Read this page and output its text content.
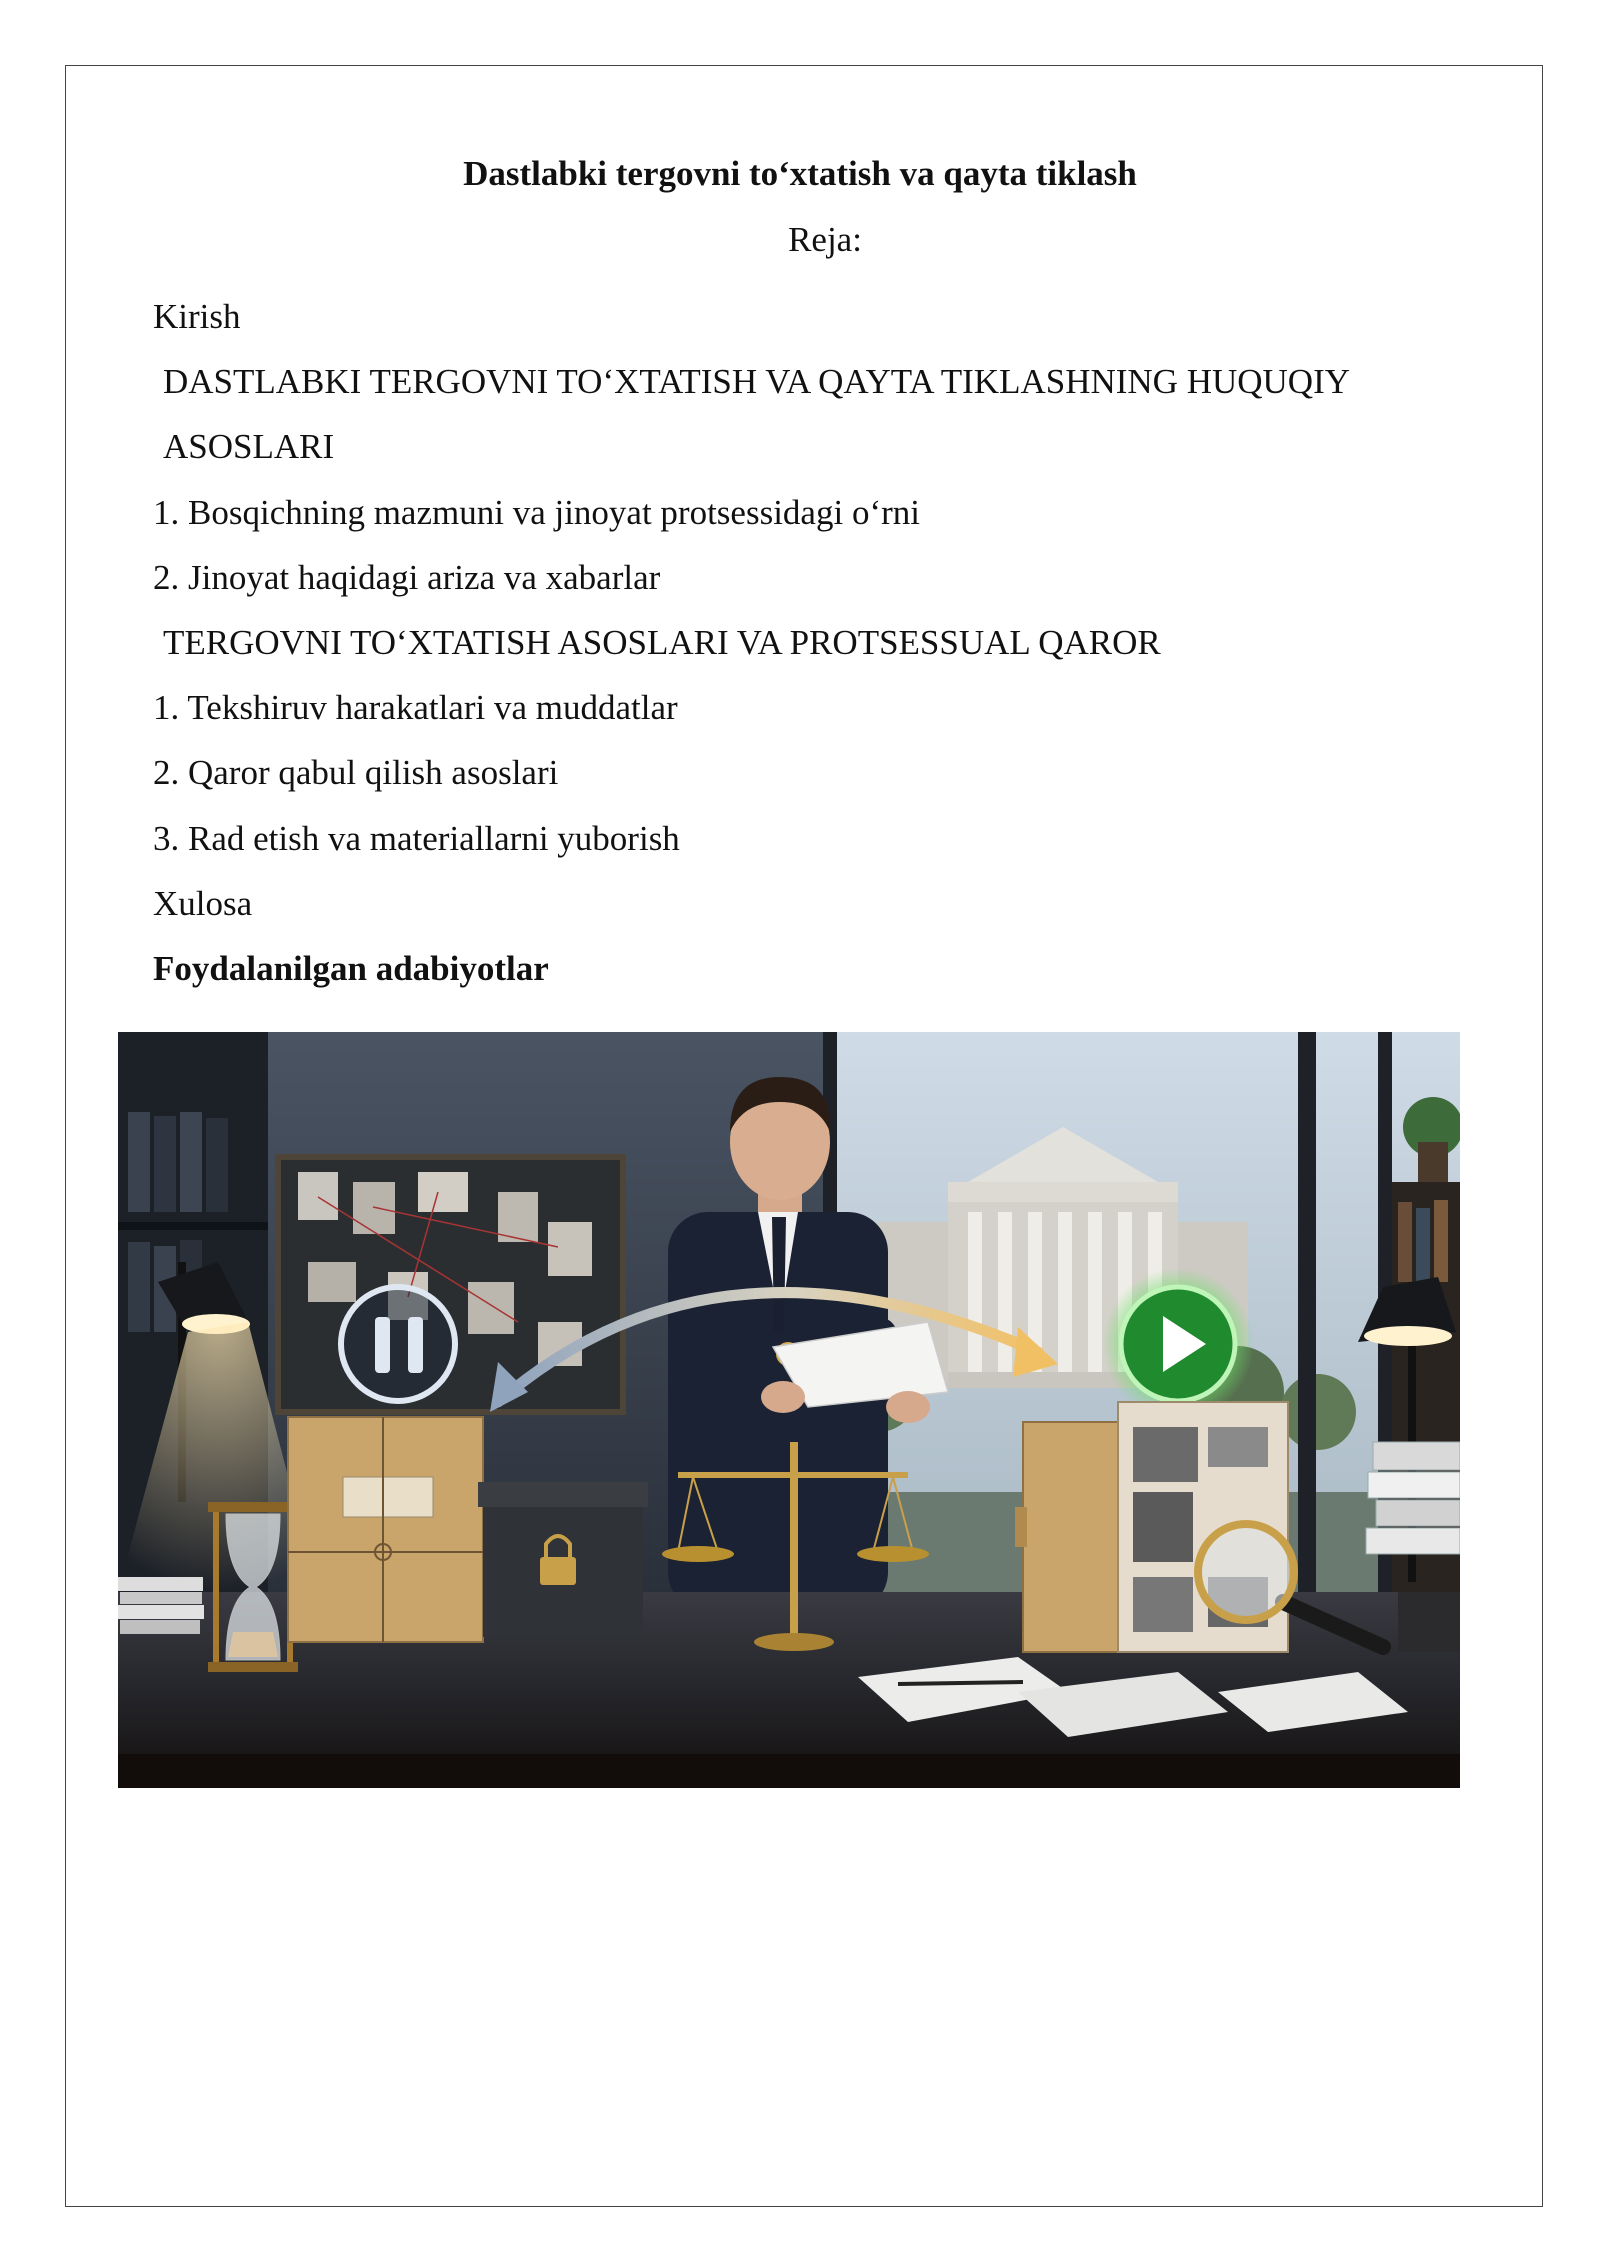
Dastlabki tergovni to‘xtatish va qayta tiklash
Reja:
Kirish
DASTLABKI TERGOVNI TO‘XTATISH VA QAYTA TIKLASHNING HUQUQIY ASOSLARI
1. Bosqichning mazmuni va jinoyat protsessidagi o‘rni
2. Jinoyat haqidagi ariza va xabarlar
TERGOVNI TO‘XTATISH ASOSLARI VA PROTSESSUAL QAROR
1. Tekshiruv harakatlari va muddatlar
2. Qaror qabul qilish asoslari
3. Rad etish va materiallarni yuborish
Xulosa
Foydalanilgan adabiyotlar
